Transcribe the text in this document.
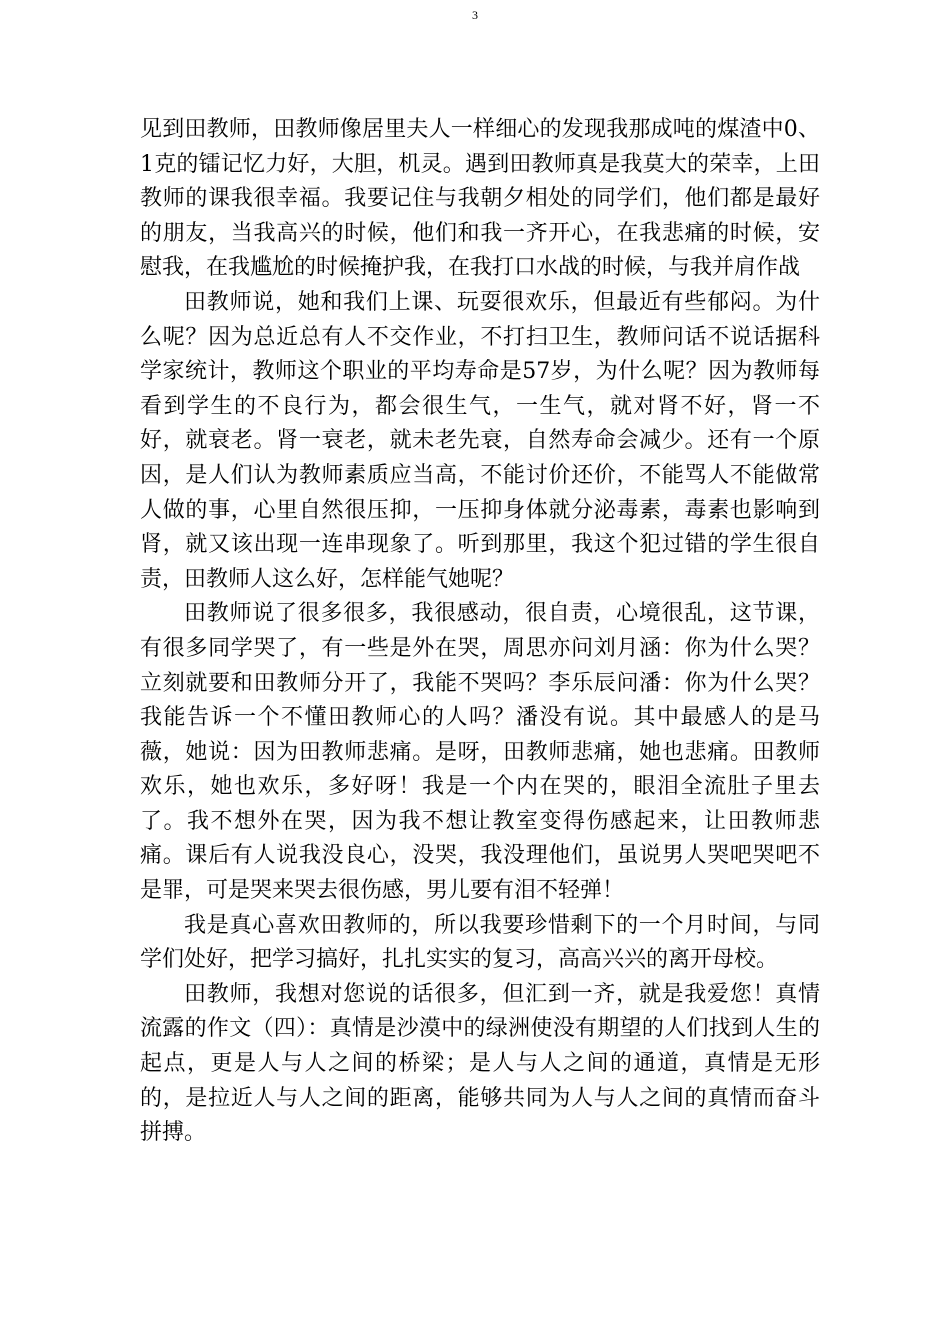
3

见到田教师，田教师像居里夫人一样细心的发现我那成吨的煤渣中0、1克的镭记忆力好，大胆，机灵。遇到田教师真是我莫大的荣幸，上田教师的课我很幸福。我要记住与我朝夕相处的同学们，他们都是最好的朋友，当我高兴的时候，他们和我一齐开心，在我悲痛的时候，安慰我，在我尴尬的时候掩护我，在我打口水战的时候，与我并肩作战

田教师说，她和我们上课、玩耍很欢乐，但最近有些郁闷。为什么呢？因为总近总有人不交作业，不打扫卫生，教师问话不说话据科学家统计，教师这个职业的平均寿命是57岁，为什么呢？因为教师每看到学生的不良行为，都会很生气，一生气，就对肾不好，肾一不好，就衰老。肾一衰老，就未老先衰，自然寿命会减少。还有一个原因，是人们认为教师素质应当高，不能讨价还价，不能骂人不能做常人做的事，心里自然很压抑，一压抑身体就分泌毒素，毒素也影响到肾，就又该出现一连串现象了。听到那里，我这个犯过错的学生很自责，田教师人这么好，怎样能气她呢？

田教师说了很多很多，我很感动，很自责，心境很乱，这节课，有很多同学哭了，有一些是外在哭，周思亦问刘月涵：你为什么哭？立刻就要和田教师分开了，我能不哭吗？李乐辰问潘：你为什么哭？我能告诉一个不懂田教师心的人吗？潘没有说。其中最感人的是马薇，她说：因为田教师悲痛。是呀，田教师悲痛，她也悲痛。田教师欢乐，她也欢乐，多好呀！我是一个内在哭的，眼泪全流肚子里去了。我不想外在哭，因为我不想让教室变得伤感起来，让田教师悲痛。课后有人说我没良心，没哭，我没理他们，虽说男人哭吧哭吧不是罪，可是哭来哭去很伤感，男儿要有泪不轻弹！

我是真心喜欢田教师的，所以我要珍惜剩下的一个月时间，与同学们处好，把学习搞好，扎扎实实的复习，高高兴兴的离开母校。

田教师，我想对您说的话很多，但汇到一齐，就是我爱您！真情流露的作文（四）：真情是沙漠中的绿洲使没有期望的人们找到人生的起点，更是人与人之间的桥梁；是人与人之间的通道，真情是无形的，是拉近人与人之间的距离，能够共同为人与人之间的真情而奋斗拼搏。
